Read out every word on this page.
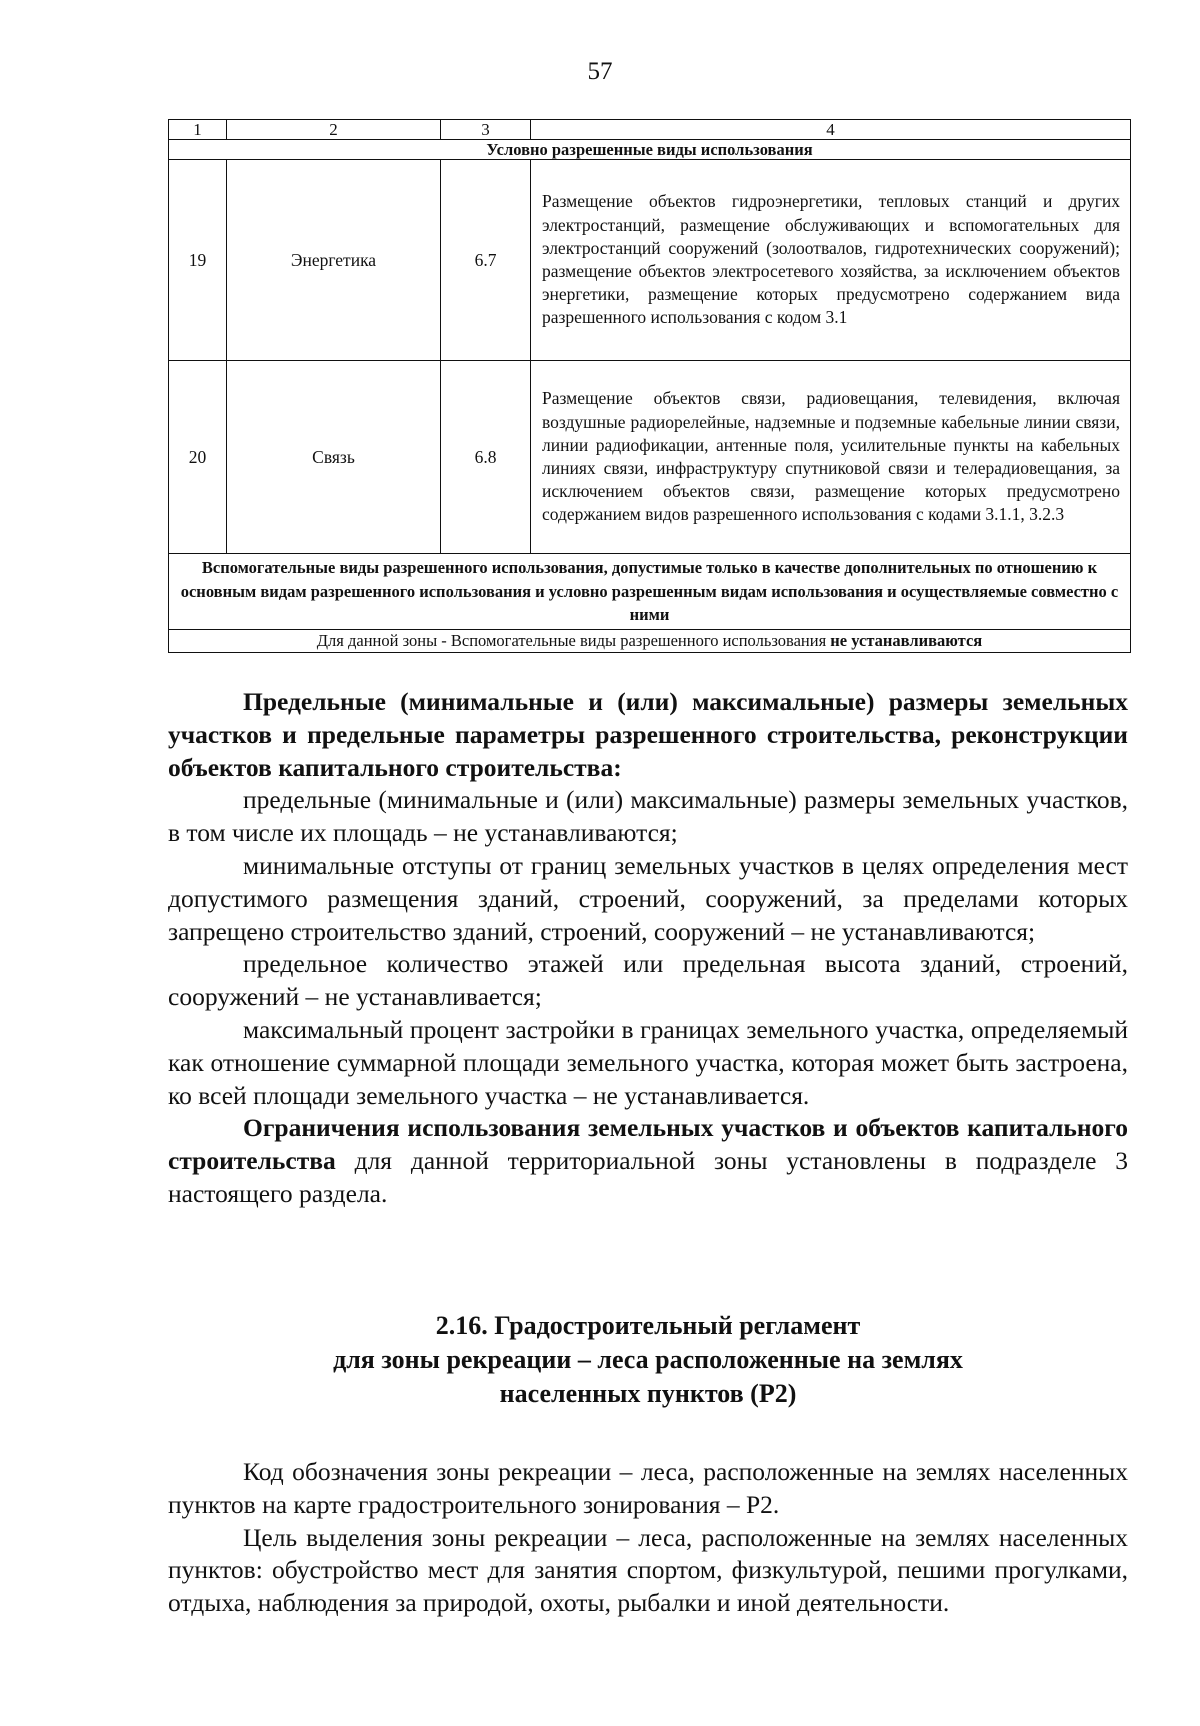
57
1	2	3	4
Условно разрешенные виды использования			
19	Энергетика	6.7	Размещение объектов гидроэнергетики, тепловых станций и других электростанций, размещение обслуживающих и вспомогательных для электростанций сооружений (золоотвалов, гидротехнических сооружений); размещение объектов электросетевого хозяйства, за исключением объектов энергетики, размещение которых предусмотрено содержанием вида разрешенного использования с кодом 3.1
20	Связь	6.8	Размещение объектов связи, радиовещания, телевидения, включая воздушные радиорелейные, надземные и подземные кабельные линии связи, линии радиофикации, антенные поля, усилительные пункты на кабельных линиях связи, инфраструктуру спутниковой связи и телерадиовещания, за исключением объектов связи, размещение которых предусмотрено содержанием видов разрешенного использования с кодами 3.1.1, 3.2.3
Вспомогательные виды разрешенного использования, допустимые только в качестве дополнительных по отношению к основным видам разрешенного использования и условно разрешенным видам использования и осуществляемые совместно с ними			
Для данной зоны - Вспомогательные виды разрешенного использования не устанавливаются			

Предельные (минимальные и (или) максимальные) размеры земельных участков и предельные параметры разрешенного строительства, реконструкции объектов капитального строительства:

предельные (минимальные и (или) максимальные) размеры земельных участков, в том числе их площадь – не устанавливаются;

минимальные отступы от границ земельных участков в целях определения мест допустимого размещения зданий, строений, сооружений, за пределами которых запрещено строительство зданий, строений, сооружений – не устанавливаются;

предельное количество этажей или предельная высота зданий, строений, сооружений – не устанавливается;

максимальный процент застройки в границах земельного участка, определяемый как отношение суммарной площади земельного участка, которая может быть застроена, ко всей площади земельного участка – не устанавливается.

Ограничения использования земельных участков и объектов капитального строительства для данной территориальной зоны установлены в подразделе 3 настоящего раздела.

2.16. Градостроительный регламент
для зоны рекреации – леса расположенные на землях
населенных пунктов (Р2)

Код обозначения зоны рекреации – леса, расположенные на землях населенных пунктов на карте градостроительного зонирования – Р2.

Цель выделения зоны рекреации – леса, расположенные на землях населенных пунктов: обустройство мест для занятия спортом, физкультурой, пешими прогулками, отдыха, наблюдения за природой, охоты, рыбалки и иной деятельности.
